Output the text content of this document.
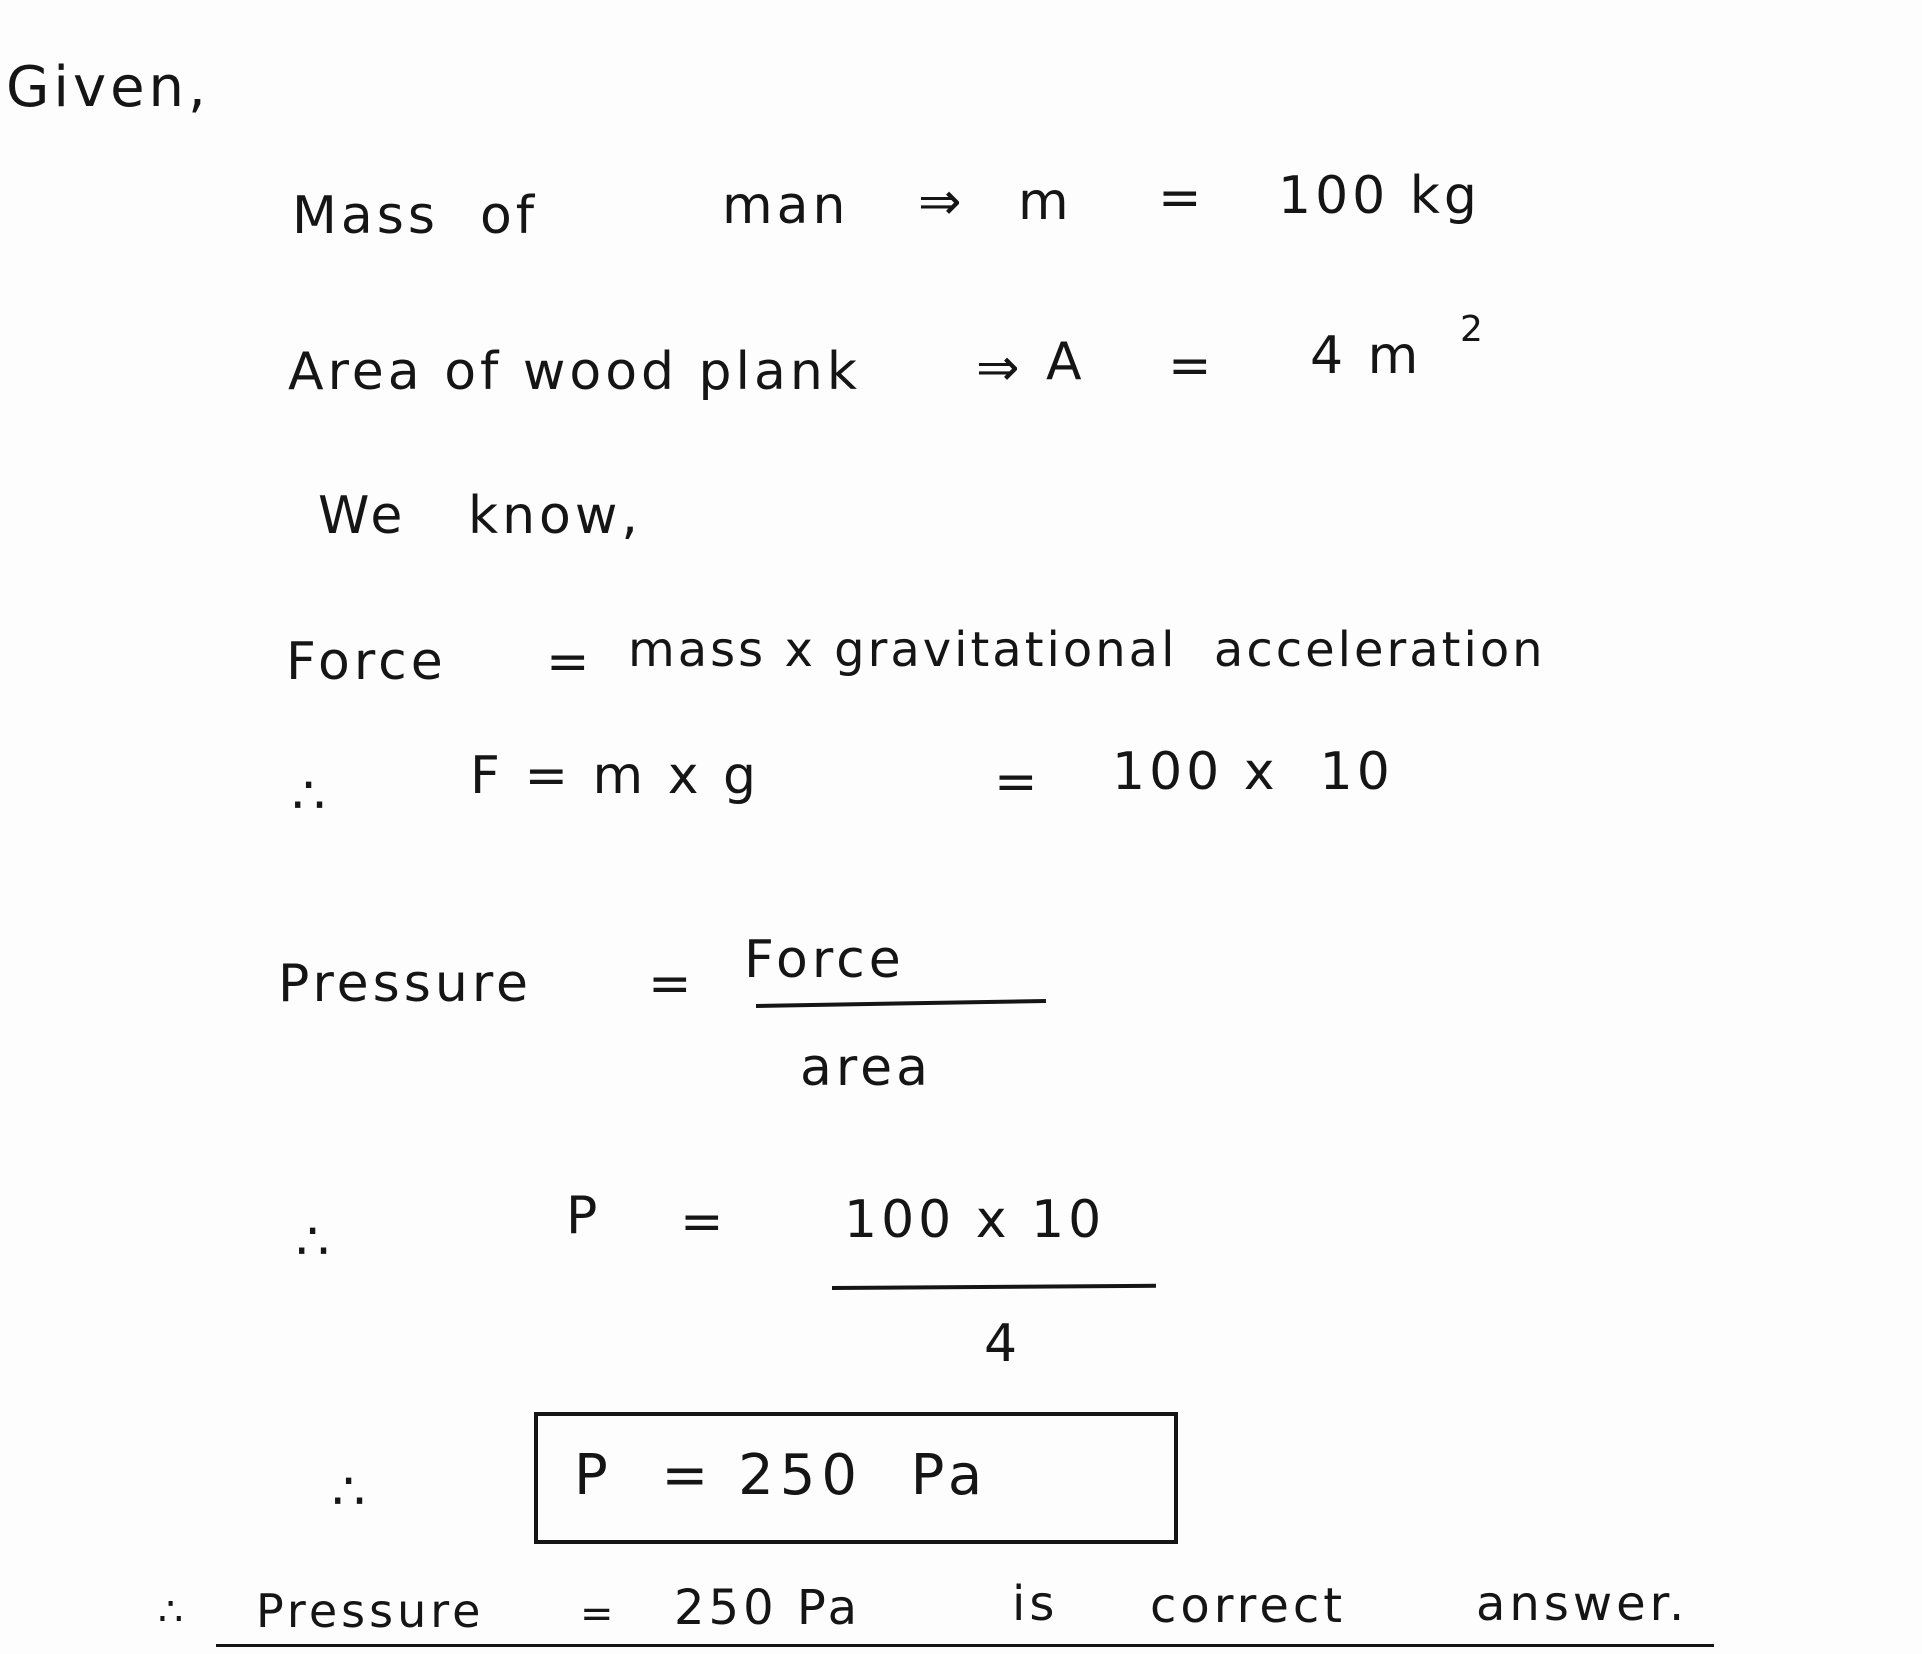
Given,
Mass  of	man ⇒ m = 100 kg
Area of wood plank ⇒ A = 4 m 2
We   know,
Force = mass x gravitational  acceleration
∴	F = m x g	= 100 x  10
Pressure = Force
area
∴	P = 100 x 10
4
∴	P  = 250  Pa
∴ Pressure = 250 Pa	is correct	answer.
